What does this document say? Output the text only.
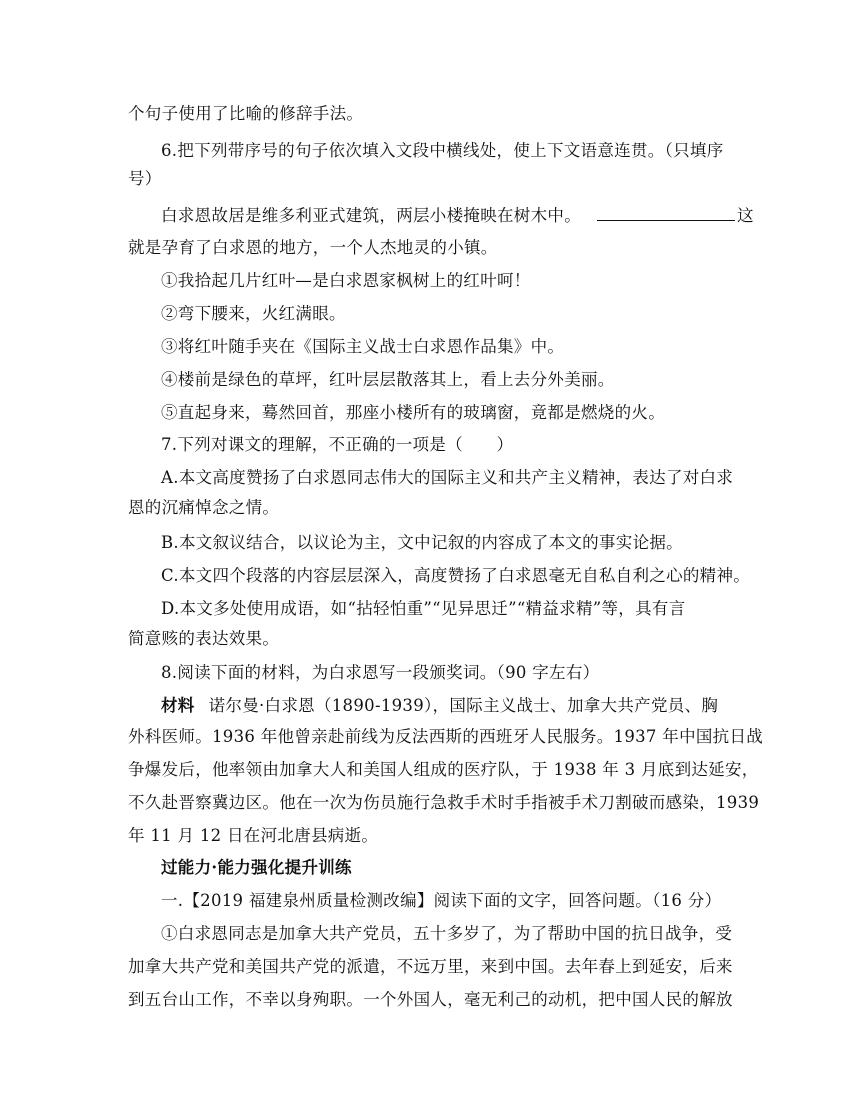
个句子使用了比喻的修辞手法。
6.把下列带序号的句子依次填入文段中横线处，使上下文语意连贯。（只填序
号）
白求恩故居是维多利亚式建筑，两层小楼掩映在树木中。	这
就是孕育了白求恩的地方，一个人杰地灵的小镇。
①我拾起几片红叶—是白求恩家枫树上的红叶呵！
②弯下腰来，火红满眼。
③将红叶随手夹在《国际主义战士白求恩作品集》中。
④楼前是绿色的草坪，红叶层层散落其上，看上去分外美丽。
⑤直起身来，蓦然回首，那座小楼所有的玻璃窗，竟都是燃烧的火。
7.下列对课文的理解，不正确的一项是（　　）
A.本文高度赞扬了白求恩同志伟大的国际主义和共产主义精神，表达了对白求
恩的沉痛悼念之情。
B.本文叙议结合，以议论为主，文中记叙的内容成了本文的事实论据。
C.本文四个段落的内容层层深入，高度赞扬了白求恩毫无自私自利之心的精神。
D.本文多处使用成语，如“拈轻怕重”“见异思迁”“精益求精”等，具有言
简意赅的表达效果。
8.阅读下面的材料，为白求恩写一段颁奖词。（90 字左右）
材料 诺尔曼·白求恩（1890-1939），国际主义战士、加拿大共产党员、胸
外科医师。1936 年他曾亲赴前线为反法西斯的西班牙人民服务。1937 年中国抗日战
争爆发后，他率领由加拿大人和美国人组成的医疗队，于 1938 年 3 月底到达延安，
不久赴晋察冀边区。他在一次为伤员施行急救手术时手指被手术刀割破而感染，1939
年 11 月 12 日在河北唐县病逝。
过能力·能力强化提升训练
一.【2019 福建泉州质量检测改编】阅读下面的文字，回答问题。（16 分）
①白求恩同志是加拿大共产党员，五十多岁了，为了帮助中国的抗日战争，受
加拿大共产党和美国共产党的派遣，不远万里，来到中国。去年春上到延安，后来
到五台山工作，不幸以身殉职。一个外国人，毫无利己的动机，把中国人民的解放
